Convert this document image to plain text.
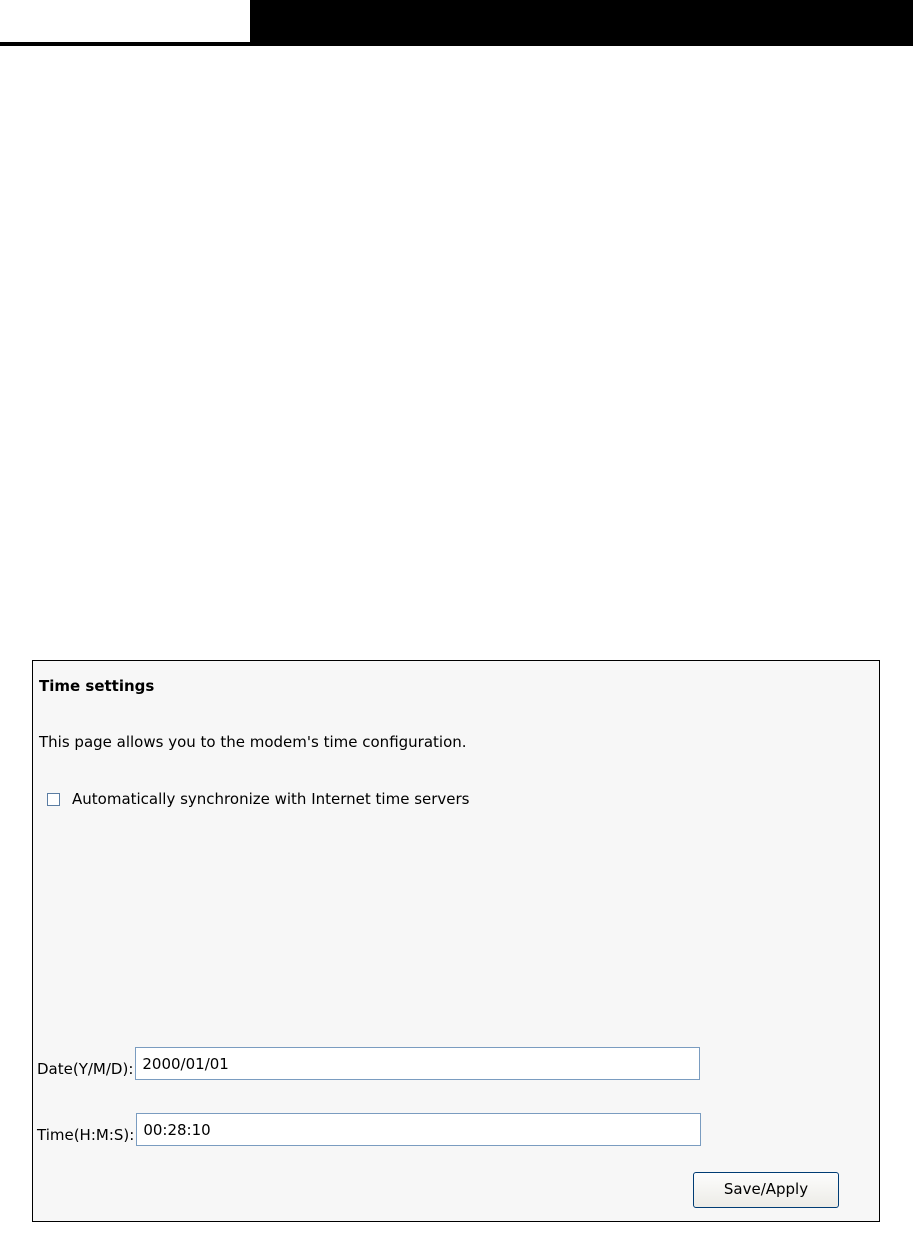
Time settings
This page allows you to the modem's time configuration.
Automatically synchronize with Internet time servers
Date(Y/M/D):
2000/01/01
Time(H:M:S):
00:28:10
Save/Apply
